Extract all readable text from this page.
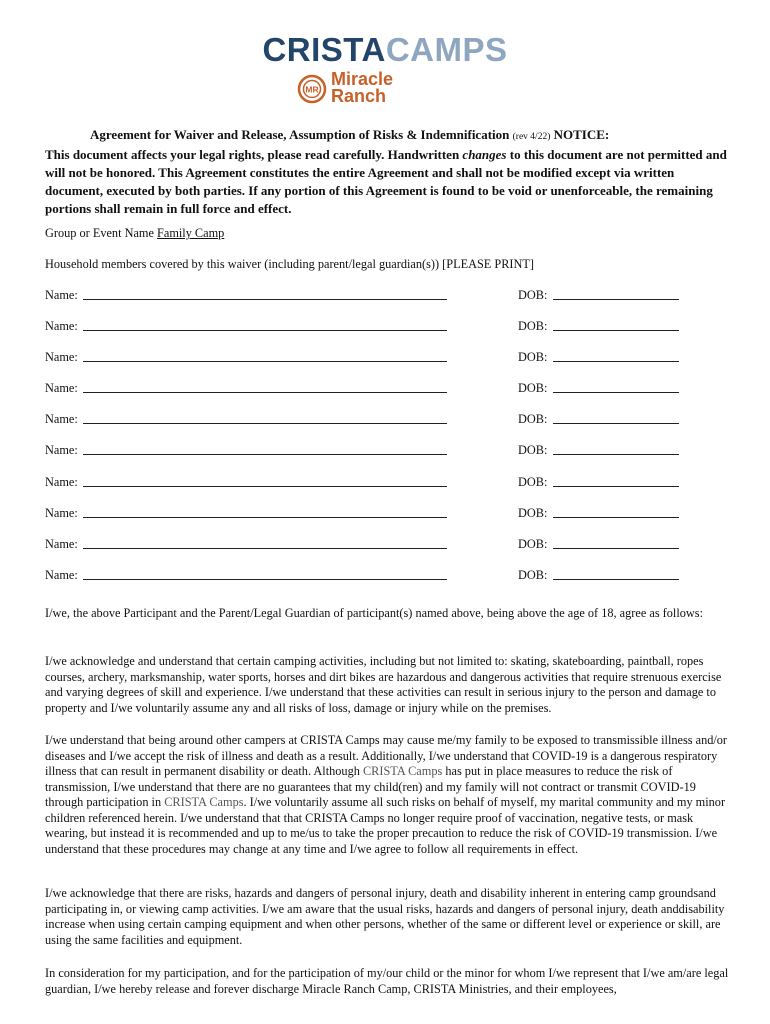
CRISTACAMPS
MR
Miracle
Ranch
Agreement for Waiver and Release, Assumption of Risks & Indemnification (rev 4/22) NOTICE:
This document affects your legal rights, please read carefully. Handwritten changes to this document are not permitted and will not be honored. This Agreement constitutes the entire Agreement and shall not be modified except via written document, executed by both parties. If any portion of this Agreement is found to be void or unenforceable, the remaining portions shall remain in full force and effect.
Group or Event Name Family Camp
Household members covered by this waiver (including parent/legal guardian(s)) [PLEASE PRINT]
Name:	DOB:
Name:	DOB:
Name:	DOB:
Name:	DOB:
Name:	DOB:
Name:	DOB:
Name:	DOB:
Name:	DOB:
Name:	DOB:
Name:	DOB:
I/we, the above Participant and the Parent/Legal Guardian of participant(s) named above, being above the age of 18, agree as follows:
I/we acknowledge and understand that certain camping activities, including but not limited to: skating, skateboarding, paintball, ropes courses, archery, marksmanship, water sports, horses and dirt bikes are hazardous and dangerous activities that require strenuous exercise and varying degrees of skill and experience. I/we understand that these activities can result in serious injury to the person and damage to property and I/we voluntarily assume any and all risks of loss, damage or injury while on the premises.
I/we understand that being around other campers at CRISTA Camps may cause me/my family to be exposed to transmissible illness and/or diseases and I/we accept the risk of illness and death as a result. Additionally, I/we understand that COVID-19 is a dangerous respiratory illness that can result in permanent disability or death. Although CRISTA Camps has put in place measures to reduce the risk of transmission, I/we understand that there are no guarantees that my child(ren) and my family will not contract or transmit COVID-19 through participation in CRISTA Camps. I/we voluntarily assume all such risks on behalf of myself, my marital community and my minor children referenced herein. I/we understand that that CRISTA Camps no longer require proof of vaccination, negative tests, or mask wearing, but instead it is recommended and up to me/us to take the proper precaution to reduce the risk of COVID-19 transmission. I/we understand that these procedures may change at any time and I/we agree to follow all requirements in effect.
I/we acknowledge that there are risks, hazards and dangers of personal injury, death and disability inherent in entering camp groundsand participating in, or viewing camp activities. I/we am aware that the usual risks, hazards and dangers of personal injury, death anddisability increase when using certain camping equipment and when other persons, whether of the same or different level or experience or skill, are using the same facilities and equipment.
In consideration for my participation, and for the participation of my/our child or the minor for whom I/we represent that I/we am/are legal guardian, I/we hereby release and forever discharge Miracle Ranch Camp, CRISTA Ministries, and their employees,
